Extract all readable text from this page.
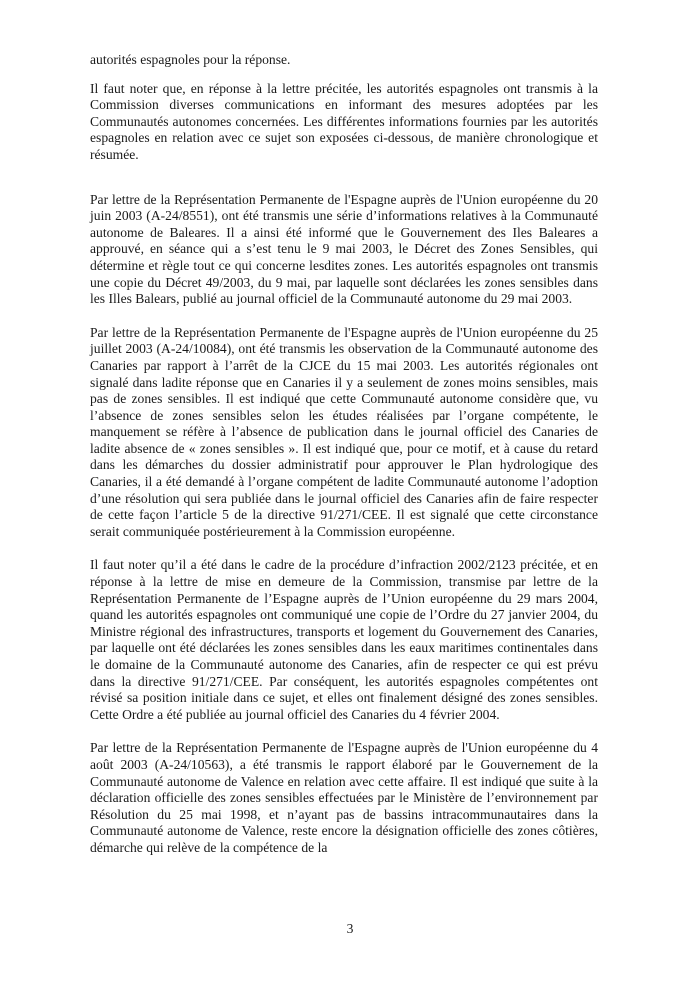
autorités espagnoles pour la réponse.

Il faut noter que, en réponse à la lettre précitée, les autorités espagnoles ont transmis à la Commission diverses communications en informant des mesures adoptées par les Communautés autonomes concernées. Les différentes informations fournies par les autorités espagnoles en relation avec ce sujet son exposées ci-dessous, de manière chronologique et résumée.

Par lettre de la Représentation Permanente de l'Espagne auprès de l'Union européenne du 20 juin 2003 (A-24/8551), ont été transmis une série d’informations relatives à la Communauté autonome de Baleares. Il a ainsi été informé que le Gouvernement des Iles Baleares a approuvé, en séance qui a s’est tenu le 9 mai 2003, le Décret des Zones Sensibles, qui détermine et règle tout ce qui concerne lesdites zones. Les autorités espagnoles ont transmis une copie du Décret 49/2003, du 9 mai, par laquelle sont déclarées les zones sensibles dans les Illes Balears, publié au journal officiel de la Communauté autonome du 29 mai 2003.

Par lettre de la Représentation Permanente de l'Espagne auprès de l'Union européenne du 25 juillet 2003 (A-24/10084), ont été transmis les observation de la Communauté autonome des Canaries par rapport à l’arrêt de la CJCE du 15 mai 2003. Les autorités régionales ont signalé dans ladite réponse que en Canaries il y a seulement de zones moins sensibles, mais pas de zones sensibles. Il est indiqué que cette Communauté autonome considère que, vu l’absence de zones sensibles selon les études réalisées par l’organe compétente, le manquement se réfère à l’absence de publication dans le journal officiel des Canaries de ladite absence de « zones sensibles ». Il est indiqué que, pour ce motif, et à cause du retard dans les démarches du dossier administratif pour approuver le Plan hydrologique des Canaries, il a été demandé à l’organe compétent de ladite Communauté autonome l’adoption d’une résolution qui sera publiée dans le journal officiel des Canaries afin de faire respecter de cette façon l’article 5 de la directive 91/271/CEE. Il est signalé que cette circonstance serait communiquée postérieurement à la Commission européenne.

Il faut noter qu’il a été dans le cadre de la procédure d’infraction 2002/2123 précitée, et en réponse à la lettre de mise en demeure de la Commission, transmise par lettre de la Représentation Permanente de l’Espagne auprès de l’Union européenne du 29 mars 2004, quand les autorités espagnoles ont communiqué une copie de l’Ordre du 27 janvier 2004, du Ministre régional des infrastructures, transports et logement du Gouvernement des Canaries, par laquelle ont été déclarées les zones sensibles dans les eaux maritimes continentales dans le domaine de la Communauté autonome des Canaries, afin de respecter ce qui est prévu dans la directive 91/271/CEE. Par conséquent, les autorités espagnoles compétentes ont révisé sa position initiale dans ce sujet, et elles ont finalement désigné des zones sensibles. Cette Ordre a été publiée au journal officiel des Canaries du 4 février 2004.

Par lettre de la Représentation Permanente de l'Espagne auprès de l'Union européenne du 4 août 2003 (A-24/10563), a été transmis le rapport élaboré par le Gouvernement de la Communauté autonome de Valence en relation avec cette affaire. Il est indiqué que suite à la déclaration officielle des zones sensibles effectuées par le Ministère de l’environnement par Résolution du 25 mai 1998, et n’ayant pas de bassins intracommunautaires dans la Communauté autonome de Valence, reste encore la désignation officielle des zones côtières, démarche qui relève de la compétence de la

3
